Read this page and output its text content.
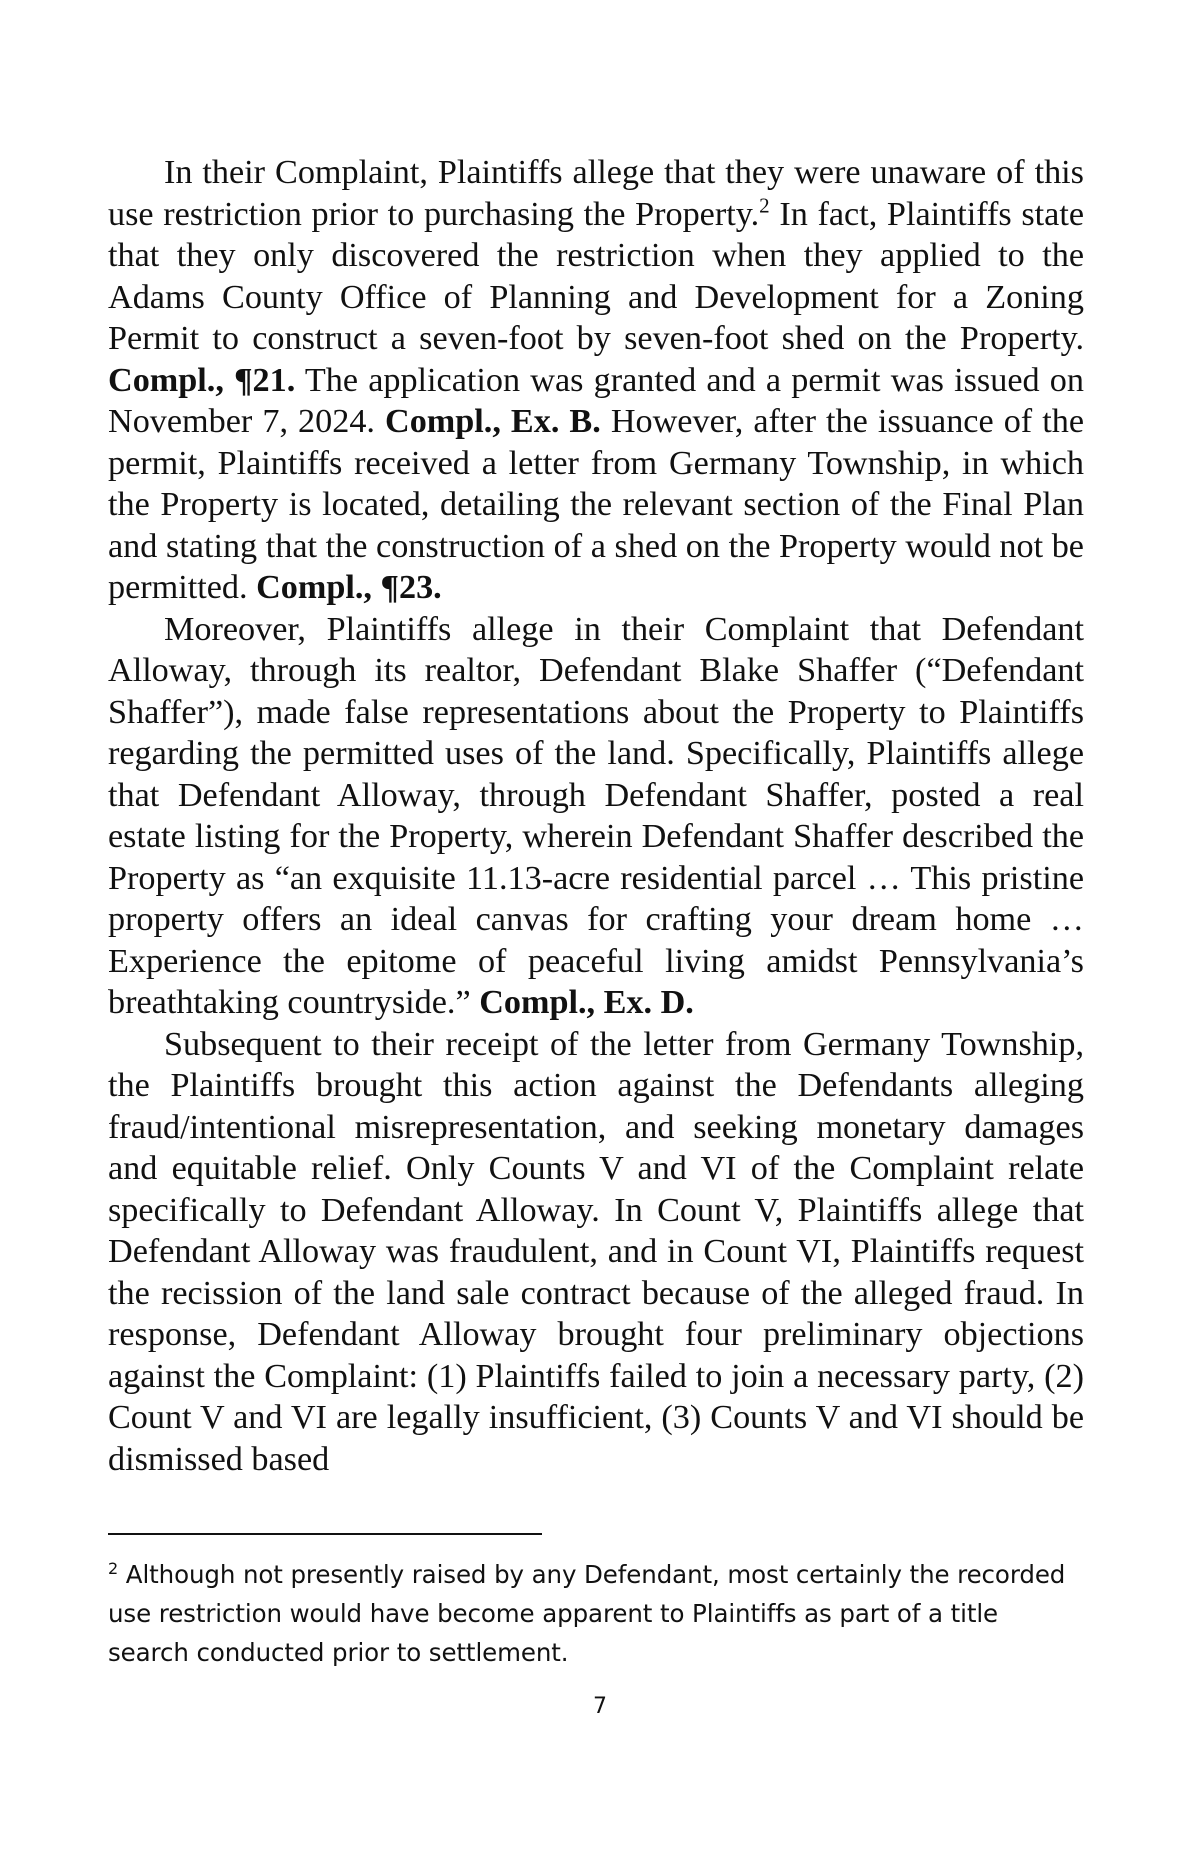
In their Complaint, Plaintiffs allege that they were unaware of this use restriction prior to purchasing the Property.$^2$ In fact, Plaintiffs state that they only discovered the restriction when they applied to the Adams County Office of Planning and Development for a Zoning Permit to construct a seven-foot by seven-foot shed on the Property. Compl., ¶21. The application was granted and a permit was issued on November 7, 2024. Compl., Ex. B. However, after the issuance of the permit, Plaintiffs received a letter from Germany Township, in which the Property is located, detailing the relevant section of the Final Plan and stating that the construction of a shed on the Property would not be permitted. Compl., ¶23.

Moreover, Plaintiffs allege in their Complaint that Defendant Alloway, through its realtor, Defendant Blake Shaffer (“Defendant Shaffer”), made false representations about the Property to Plaintiffs regarding the permitted uses of the land. Specifically, Plaintiffs allege that Defendant Alloway, through Defendant Shaffer, posted a real estate listing for the Property, wherein Defendant Shaffer described the Property as “an exquisite 11.13-acre residential parcel … This pristine property offers an ideal canvas for crafting your dream home … Experience the epitome of peaceful living amidst Pennsylvania’s breathtaking countryside.” Compl., Ex. D.

Subsequent to their receipt of the letter from Germany Township, the Plaintiffs brought this action against the Defendants alleging fraud/intentional misrepresentation, and seeking monetary damages and equitable relief. Only Counts V and VI of the Complaint relate specifically to Defendant Alloway. In Count V, Plaintiffs allege that Defendant Alloway was fraudulent, and in Count VI, Plaintiffs request the recission of the land sale contract because of the alleged fraud. In response, Defendant Alloway brought four preliminary objections against the Complaint: (1) Plaintiffs failed to join a necessary party, (2) Count V and VI are legally insufficient, (3) Counts V and VI should be dismissed based

$^2$ Although not presently raised by any Defendant, most certainly the recorded use restriction would have become apparent to Plaintiffs as part of a title search conducted prior to settlement.

7
